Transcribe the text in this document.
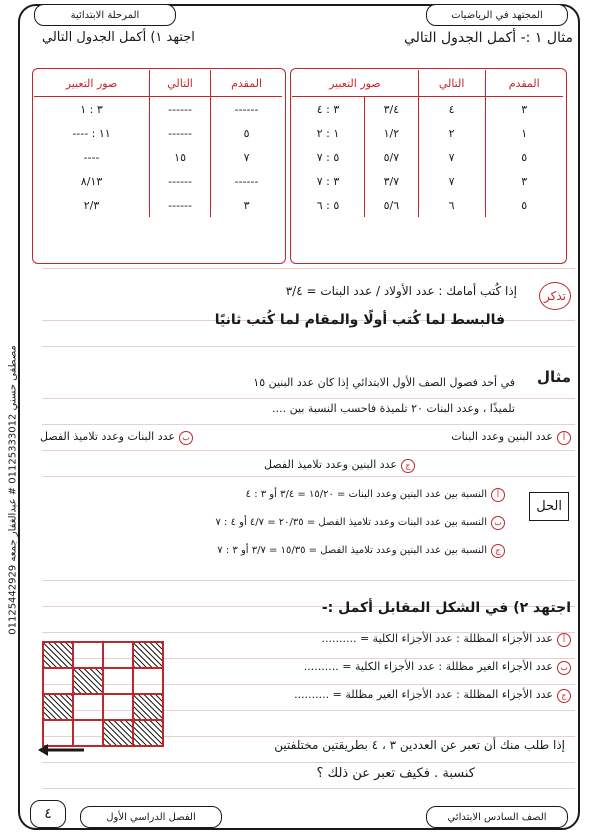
المجتهد في الرياضيات
المرحلة الابتدائية
مصطفى حسني 01125333012 # عبدالغفار جمعه 01125442929
مثال ١ :- أكمل الجدول التالي
اجتهد ١) أكمل الجدول التالي
المقدم	التالي	صور التعبير	
٣	٤	٣/٤	٣ : ٤
١	٢	١/٢	١ : ٢
٥	٧	٥/٧	٥ : ٧
٣	٧	٣/٧	٣ : ٧
٥	٦	٥/٦	٥ : ٦
المقدم	التالي	صور التعبير
------	------	٣ : ١
٥	------	١١ : ----
٧	١٥	----
------	------	٨/١٣
٣	------	٢/٣
تذكر
إذا كُتب أمامك : عدد الأولاد / عدد البنات = ٣/٤
فالبسط لما كُتب أولًا والمقام لما كُتب ثانيًا
مثال
في أحد فصول الصف الأول الابتدائي إذا كان عدد البنين ١٥
تلميذًا ، وعدد البنات ٢٠ تلميذة فاحسب النسبة بين ....
أعدد البنين وعدد البنات
بعدد البنات وعدد تلاميذ الفصل
جعدد البنين وعدد تلاميذ الفصل
الحل
أالنسبة بين عدد البنين وعدد البنات = ١٥/٢٠ = ٣/٤ أو ٣ : ٤
بالنسبة بين عدد البنات وعدد تلاميذ الفصل = ٢٠/٣٥ = ٤/٧ أو ٤ : ٧
جالنسبة بين عدد البنين وعدد تلاميذ الفصل = ١٥/٣٥ = ٣/٧ أو ٣ : ٧
اجتهد ٢) في الشكل المقابل أكمل :-
أعدد الأجزاء المظللة : عدد الأجزاء الكلية = ..........
بعدد الأجزاء الغير مظللة : عدد الأجزاء الكلية = ..........
جعدد الأجزاء المظللة : عدد الأجزاء الغير مظللة = ..........
إذا طلب منك أن تعبر عن العددين ٣ ، ٤ بطريقتين مختلفتين
كنسبة . فكيف تعبر عن ذلك ؟
الصف السادس الابتدائي
الفصل الدراسي الأول
٤
